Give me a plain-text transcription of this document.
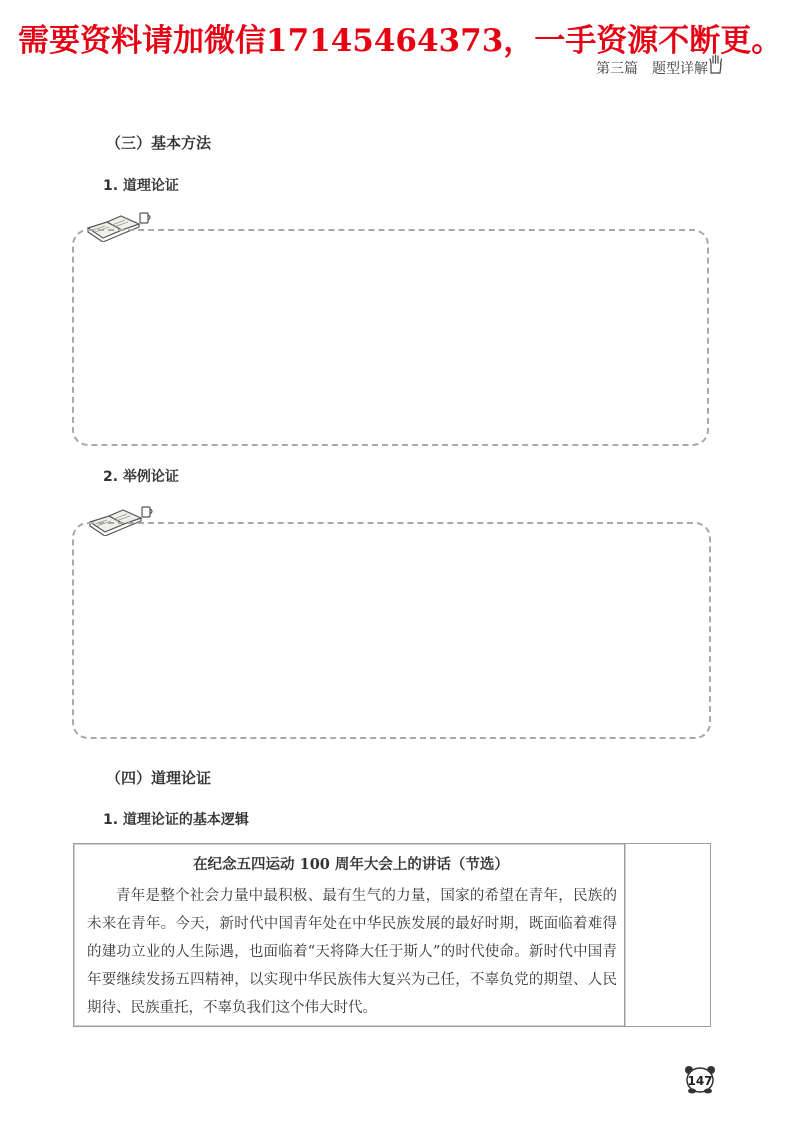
需要资料请加微信17145464373，一手资源不断更。
第三篇 题型详解
（三）基本方法
1. 道理论证
2. 举例论证
（四）道理论证
1. 道理论证的基本逻辑
在纪念五四运动 100 周年大会上的讲话（节选）
青年是整个社会力量中最积极、最有生气的力量，国家的希望在青年，民族的未来在青年。今天，新时代中国青年处在中华民族发展的最好时期，既面临着难得的建功立业的人生际遇，也面临着“天将降大任于斯人”的时代使命。新时代中国青年要继续发扬五四精神，以实现中华民族伟大复兴为己任，不辜负党的期望、人民期待、民族重托，不辜负我们这个伟大时代。
147
